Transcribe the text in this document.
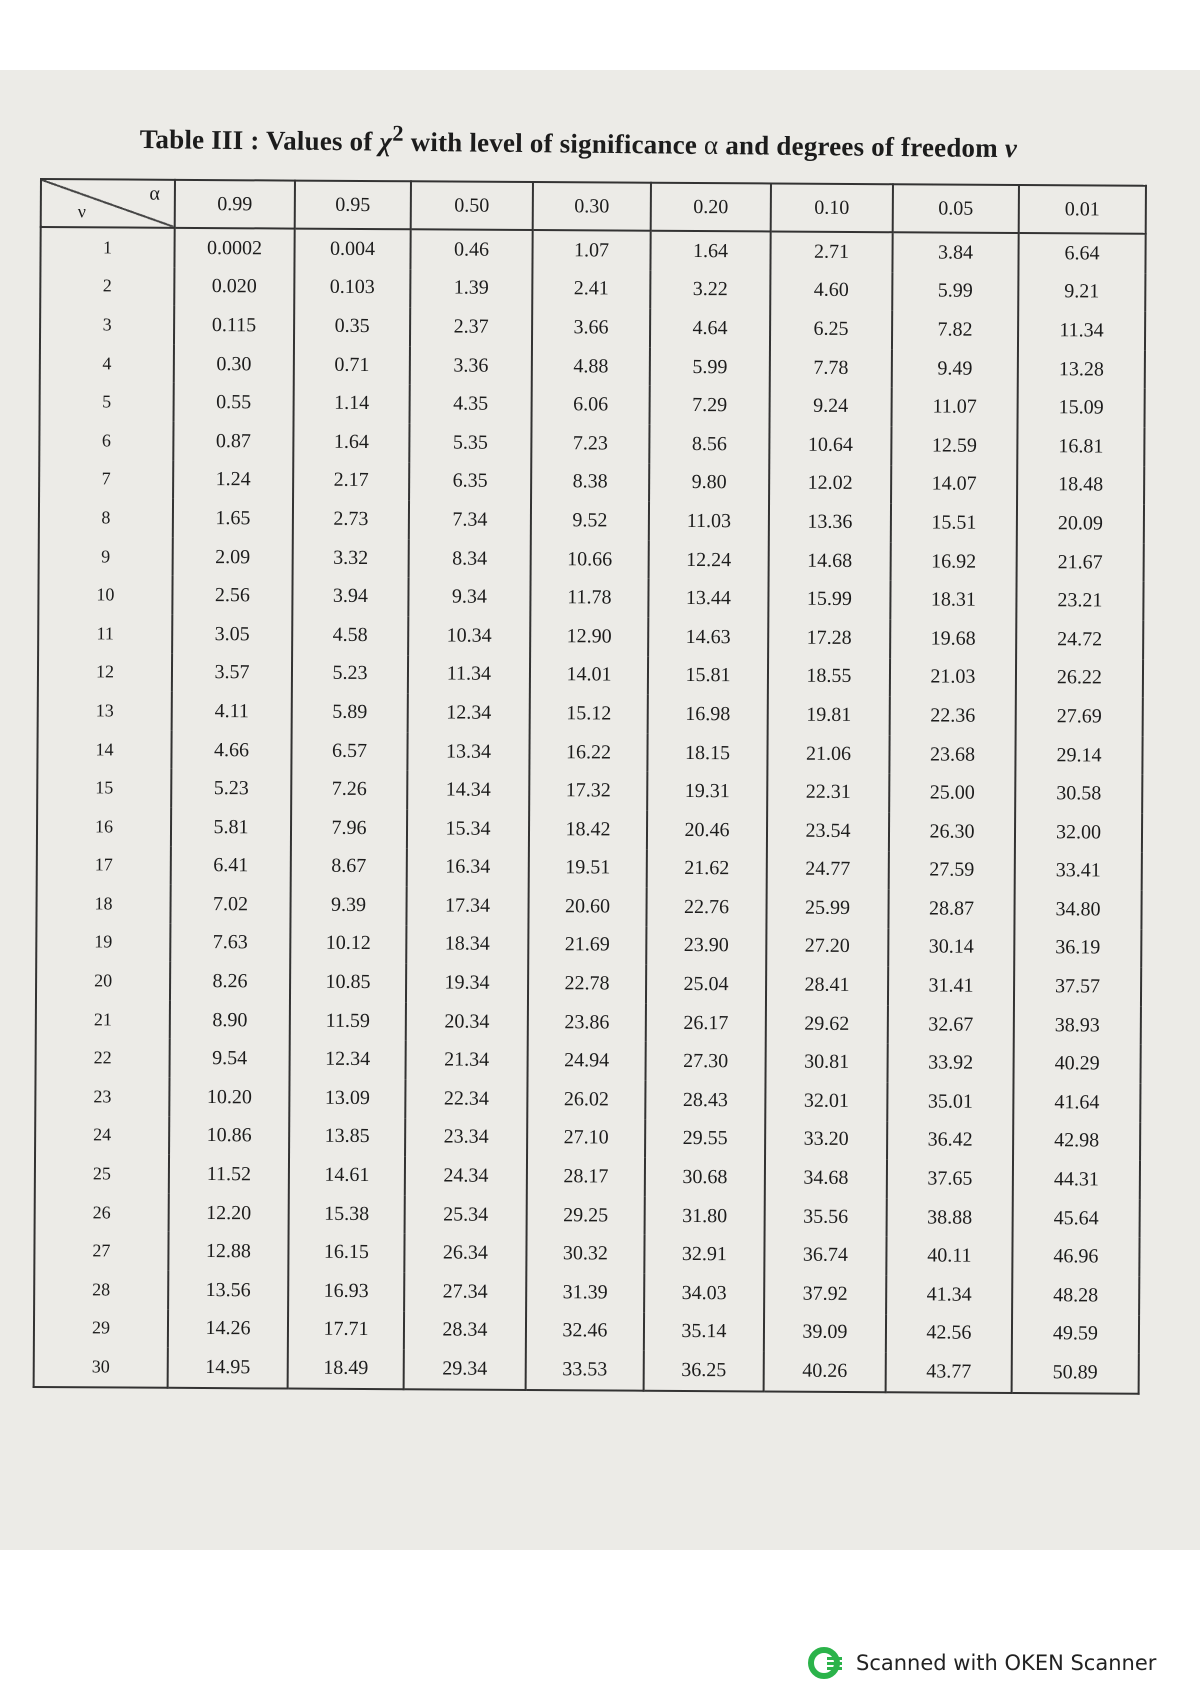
Table III : Values of $\chi^2$ with level of significance α and degrees of freedom ν
α
ν	0.99	0.95	0.50	0.30	0.20	0.10	0.05	0.01
1	0.0002	0.004	0.46	1.07	1.64	2.71	3.84	6.64
2	0.020	0.103	1.39	2.41	3.22	4.60	5.99	9.21
3	0.115	0.35	2.37	3.66	4.64	6.25	7.82	11.34
4	0.30	0.71	3.36	4.88	5.99	7.78	9.49	13.28
5	0.55	1.14	4.35	6.06	7.29	9.24	11.07	15.09
6	0.87	1.64	5.35	7.23	8.56	10.64	12.59	16.81
7	1.24	2.17	6.35	8.38	9.80	12.02	14.07	18.48
8	1.65	2.73	7.34	9.52	11.03	13.36	15.51	20.09
9	2.09	3.32	8.34	10.66	12.24	14.68	16.92	21.67
10	2.56	3.94	9.34	11.78	13.44	15.99	18.31	23.21
11	3.05	4.58	10.34	12.90	14.63	17.28	19.68	24.72
12	3.57	5.23	11.34	14.01	15.81	18.55	21.03	26.22
13	4.11	5.89	12.34	15.12	16.98	19.81	22.36	27.69
14	4.66	6.57	13.34	16.22	18.15	21.06	23.68	29.14
15	5.23	7.26	14.34	17.32	19.31	22.31	25.00	30.58
16	5.81	7.96	15.34	18.42	20.46	23.54	26.30	32.00
17	6.41	8.67	16.34	19.51	21.62	24.77	27.59	33.41
18	7.02	9.39	17.34	20.60	22.76	25.99	28.87	34.80
19	7.63	10.12	18.34	21.69	23.90	27.20	30.14	36.19
20	8.26	10.85	19.34	22.78	25.04	28.41	31.41	37.57
21	8.90	11.59	20.34	23.86	26.17	29.62	32.67	38.93
22	9.54	12.34	21.34	24.94	27.30	30.81	33.92	40.29
23	10.20	13.09	22.34	26.02	28.43	32.01	35.01	41.64
24	10.86	13.85	23.34	27.10	29.55	33.20	36.42	42.98
25	11.52	14.61	24.34	28.17	30.68	34.68	37.65	44.31
26	12.20	15.38	25.34	29.25	31.80	35.56	38.88	45.64
27	12.88	16.15	26.34	30.32	32.91	36.74	40.11	46.96
28	13.56	16.93	27.34	31.39	34.03	37.92	41.34	48.28
29	14.26	17.71	28.34	32.46	35.14	39.09	42.56	49.59
30	14.95	18.49	29.34	33.53	36.25	40.26	43.77	50.89
Scanned with OKEN Scanner
